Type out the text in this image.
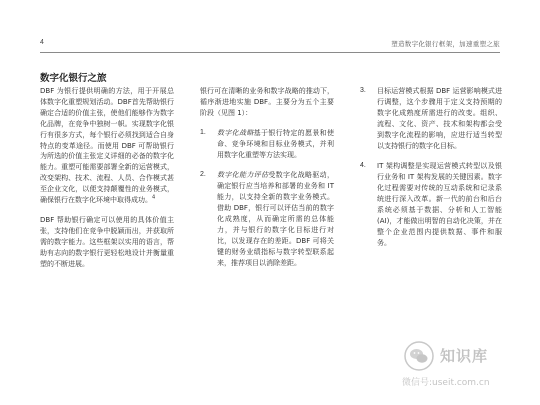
4	塑造数字化银行框架，加速重塑之旅
数字化银行之旅

DBF 为银行提供明确的方法，用于开展总体数字化重塑规划活动。DBF首先帮助银行确定合适的价值主张，使他们能够作为数字化品牌，在竞争中独树一帜。实现数字化银行有很多方式，每个银行必须找到适合自身特点的变革途径。而使用 DBF 可帮助银行为所选的价值主张定义详细的必备的数字化能力。重塑可能需要部署全新的运营模式，改变架构、技术、流程、人员、合作模式甚至企业文化，以便支持颠覆性的业务模式，确保银行在数字化环境中取得成功。$^4$

DBF 帮助银行确定可以使用的具体价值主张，支持他们在竞争中脱颖而出，并获取所需的数字能力。这些框架以实用的语言，帮助有志向的数字银行更轻松地设计并衡量重塑的不断进展。

银行可在清晰的业务和数字战略的推动下，循序渐进地实施 DBF。主要分为五个主要阶段（见图 1）：

1. 数字化战略基于银行特定的愿景和使命、竞争环境和目标业务模式，并利用数字化重塑等方法实现。
2. 数字化能力评估受数字化战略驱动，确定银行应当培养和部署的业务和 IT 能力，以支持全新的数字业务模式。借助 DBF，银行可以评估当前的数字化成熟度，从而确定所需的总体能力，并与银行的数字化目标进行对比，以发现存在的差距。DBF 可将关键的财务业绩指标与数字转型联系起来，推荐项目以消除差距。
3. 目标运营模式根据 DBF 运营影响模式进行调整，这个步骤用于定义支持预期的数字化成熟度所需进行的改变。组织、流程、文化、资产、技术和架构都会受到数字化流程的影响，应进行适当转型以支持银行的数字化目标。
4. IT 架构调整是实现运营模式转型以及银行业务和 IT 架构发展的关键因素。数字化过程需要对传统的互动系统和记录系统进行深入改革。新一代的前台和后台系统必须基于数据、分析和人工智能(AI)，才能做出明智的自动化决策，并在整个企业范围内提供数据、事件和服务。
知识库
微信号:useit.com.cn
